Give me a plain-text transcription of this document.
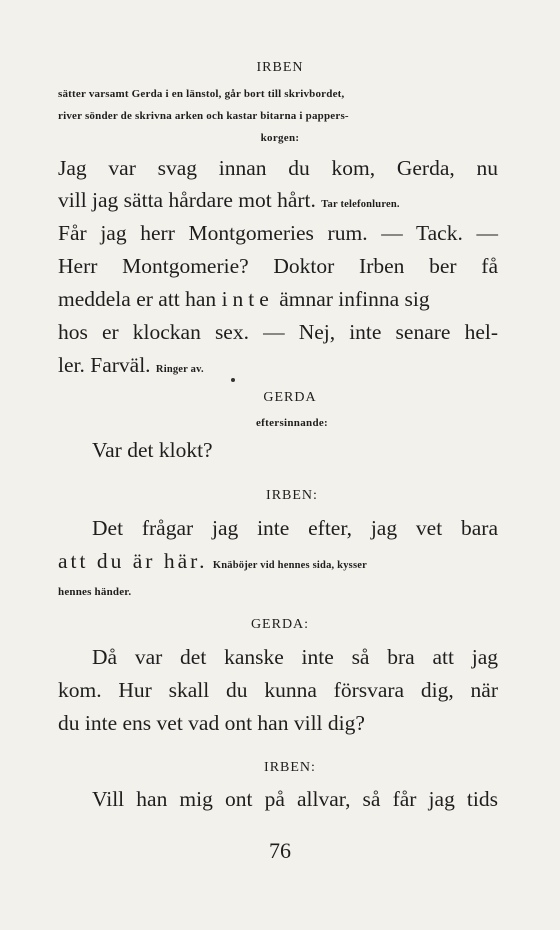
IRBEN
sätter varsamt Gerda i en länstol, går bort till skrivbordet,
river sönder de skrivna arken och kastar bitarna i pappers-
korgen:
Jag var svag innan du kom, Gerda, nu
vill jag sätta hårdare mot hårt. Tar telefonluren.
Får jag herr Montgomeries rum. — Tack. —
Herr Montgomerie? Doktor Irben ber få
meddela er att han inte ämnar infinna sig
hos er klockan sex. — Nej, inte senare hel-
ler. Farväl. Ringer av.
GERDA
eftersinnande:
Var det klokt?
IRBEN:
Det frågar jag inte efter, jag vet bara
att du är här. Knäböjer vid hennes sida, kysser
hennes händer.
GERDA:
Då var det kanske inte så bra att jag
kom. Hur skall du kunna försvara dig, när
du inte ens vet vad ont han vill dig?
IRBEN:
Vill han mig ont på allvar, så får jag tids
76
